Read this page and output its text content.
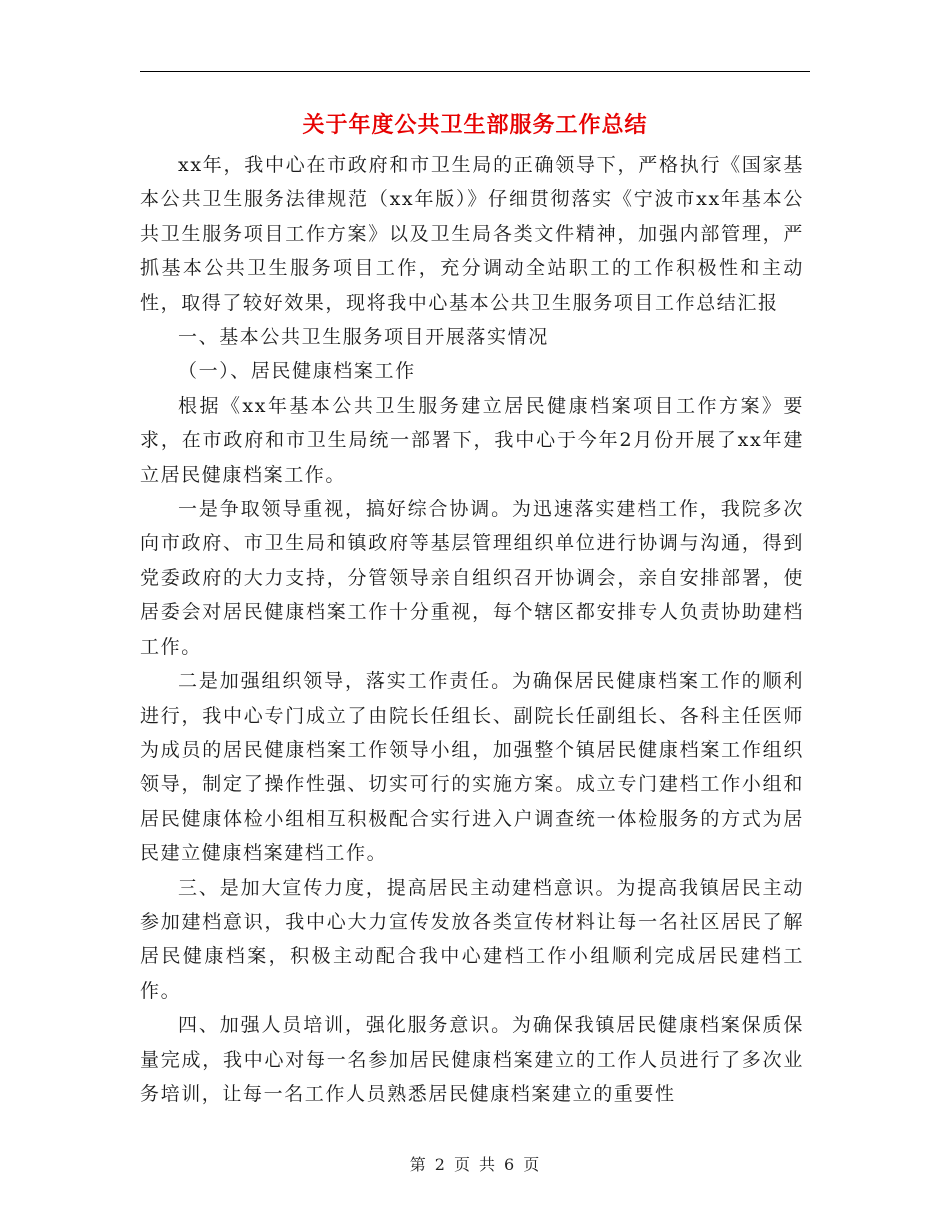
关于年度公共卫生部服务工作总结

xx年，我中心在市政府和市卫生局的正确领导下，严格执行《国家基本公共卫生服务法律规范（xx年版）》仔细贯彻落实《宁波市xx年基本公共卫生服务项目工作方案》以及卫生局各类文件精神，加强内部管理，严抓基本公共卫生服务项目工作，充分调动全站职工的工作积极性和主动性，取得了较好效果，现将我中心基本公共卫生服务项目工作总结汇报

一、基本公共卫生服务项目开展落实情况

（一）、居民健康档案工作

根据《xx年基本公共卫生服务建立居民健康档案项目工作方案》要求，在市政府和市卫生局统一部署下，我中心于今年2月份开展了xx年建立居民健康档案工作。

一是争取领导重视，搞好综合协调。为迅速落实建档工作，我院多次向市政府、市卫生局和镇政府等基层管理组织单位进行协调与沟通，得到党委政府的大力支持，分管领导亲自组织召开协调会，亲自安排部署，使居委会对居民健康档案工作十分重视，每个辖区都安排专人负责协助建档工作。

二是加强组织领导，落实工作责任。为确保居民健康档案工作的顺利进行，我中心专门成立了由院长任组长、副院长任副组长、各科主任医师为成员的居民健康档案工作领导小组，加强整个镇居民健康档案工作组织领导，制定了操作性强、切实可行的实施方案。成立专门建档工作小组和居民健康体检小组相互积极配合实行进入户调查统一体检服务的方式为居民建立健康档案建档工作。

三、是加大宣传力度，提高居民主动建档意识。为提高我镇居民主动参加建档意识，我中心大力宣传发放各类宣传材料让每一名社区居民了解居民健康档案，积极主动配合我中心建档工作小组顺利完成居民建档工作。

四、加强人员培训，强化服务意识。为确保我镇居民健康档案保质保量完成，我中心对每一名参加居民健康档案建立的工作人员进行了多次业务培训，让每一名工作人员熟悉居民健康档案建立的重要性

第 2 页 共 6 页
